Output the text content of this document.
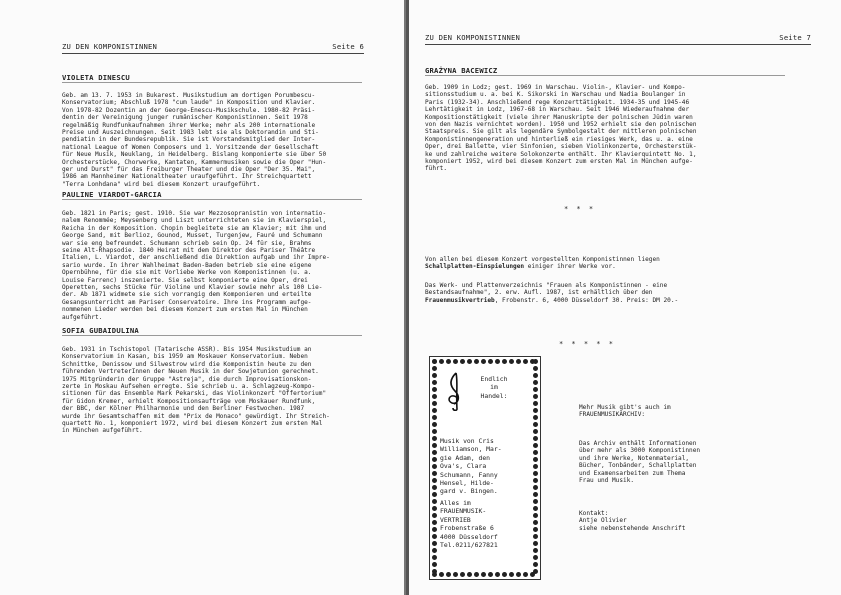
ZU DEN KOMPONISTINNEN	Seite 6
VIOLETA DINESCU

Geb. am 13. 7. 1953 in Bukarest. Musikstudium am dortigen Porumbescu-
Konservatorium; Abschluß 1978 "cum laude" in Komposition und Klavier.
Von 1978-82 Dozentin an der George-Enescu-Musikschule. 1980-82 Präsi-
dentin der Vereinigung junger rumänischer Komponistinnen. Seit 1978
regelmäßig Rundfunkaufnahmen ihrer Werke; mehr als 200 internationale
Preise und Auszeichnungen. Seit 1983 lebt sie als Doktorandin und Sti-
pendiatin in der Bundesrepublik. Sie ist Vorstandsmitglied der Inter-
national League of Women Composers und 1. Vorsitzende der Gesellschaft
für Neue Musik, Neuklang, in Heidelberg. Bislang komponierte sie über 50
Orchesterstücke, Chorwerke, Kantaten, Kammermusiken sowie die Oper "Hun-
ger und Durst" für das Freiburger Theater und die Oper "Der 35. Mai",
1986 am Mannheimer Nationaltheater uraufgeführt. Ihr Streichquartett
"Terra Lonhdana" wird bei diesem Konzert uraufgeführt.

PAULINE VIARDOT-GARCIA

Geb. 1821 in Paris; gest. 1910. Sie war Mezzosopranistin von internatio-
nalem Renommée; Meysenberg und Liszt unterrichteten sie im Klavierspiel,
Reicha in der Komposition. Chopin begleitete sie am Klavier; mit ihm und
George Sand, mit Berlioz, Gounod, Musset, Turgenjew, Fauré und Schumann
war sie eng befreundet. Schumann schrieb sein Op. 24 für sie, Brahms
seine Alt-Rhapsodie. 1840 Heirat mit dem Direktor des Pariser Théâtre
Italien, L. Viardot, der anschließend die Direktion aufgab und ihr Impre-
sario wurde. In ihrer Wahlheimat Baden-Baden betrieb sie eine eigene
Opernbühne, für die sie mit Vorliebe Werke von Komponistinnen (u. a.
Louise Farrenc) inszenierte. Sie selbst komponierte eine Oper, drei
Operetten, sechs Stücke für Violine und Klavier sowie mehr als 100 Lie-
der. Ab 1871 widmete sie sich vorrangig dem Komponieren und erteilte
Gesangsunterricht am Pariser Conservatoire. Ihre ins Programm aufge-
nommenen Lieder werden bei diesem Konzert zum ersten Mal in München
aufgeführt.

SOFIA GUBAIDULINA

Geb. 1931 in Tschistopol (Tatarische ASSR). Bis 1954 Musikstudium an
Konservatorium in Kasan, bis 1959 am Moskauer Konservatorium. Neben
Schnittke, Denissow und Silwestrow wird die Komponistin heute zu den
führenden VertreterInnen der Neuen Musik in der Sowjetunion gerechnet.
1975 Mitgründerin der Gruppe "Astreja", die durch Improvisationskon-
zerte in Moskau Aufsehen erregte. Sie schrieb u. a. Schlagzeug-Kompo-
sitionen für das Ensemble Mark Pekarski, das Violinkonzert "Offertorium"
für Gidon Kremer, erhielt Kompositionsaufträge vom Moskauer Rundfunk,
der BBC, der Kölner Philharmonie und den Berliner Festwochen. 1987
wurde ihr Gesamtschaffen mit dem "Prix de Monaco" gewürdigt. Ihr Streich-
quartett No. 1, komponiert 1972, wird bei diesem Konzert zum ersten Mal
in München aufgeführt.

ZU DEN KOMPONISTINNEN	Seite 7
GRAŻYNA BACEWICZ

Geb. 1909 in Lodz; gest. 1969 in Warschau. Violin-, Klavier- und Kompo-
sitionsstudium u. a. bei K. Sikorski in Warschau und Nadia Boulanger in
Paris (1932-34). Anschließend rege Konzerttätigkeit. 1934-35 und 1945-46
Lehrtätigkeit in Lodz, 1967-68 in Warschau. Seit 1946 Wiederaufnahme der
Kompositionstätigkeit (viele ihrer Manuskripte der polnischen Jüdin waren
von den Nazis vernichtet worden). 1950 und 1952 erhielt sie den polnischen
Staatspreis. Sie gilt als legendäre Symbolgestalt der mittleren polnischen
Komponistinnengeneration und hinterließ ein riesiges Werk, das u. a. eine
Oper, drei Ballette, vier Sinfonien, sieben Violinkonzerte, Orchesterstük-
ke und zahlreiche weitere Solokonzerte enthält. Ihr Klavierquintett No. 1,
komponiert 1952, wird bei diesem Konzert zum ersten Mal in München aufge-
führt.

* * *

Von allen bei diesem Konzert vorgestellten Komponistinnen liegen
Schallplatten-Einspielungen einiger ihrer Werke vor.

Das Werk- und Plattenverzeichnis "Frauen als Komponistinnen - eine
Bestandsaufnahme", 2. erw. Aufl. 1987, ist erhältlich über den
Frauenmusikvertrieb, Frobenstr. 6, 4000 Düsseldorf 30. Preis: DM 20.-

* * * * *

Endlich
im
Handel:

Musik von Cris
Williamson, Mar-
gie Adam, den
Ova's, Clara
Schumann, Fanny
Hensel, Hilde-
gard v. Bingen.

Alles im
FRAUENMUSIK-
VERTRIEB
Frobenstraße 6
4000 Düsseldorf
Tel.0211/627821

Mehr Musik gibt's auch im
FRAUENMUSIKARCHIV:

Das Archiv enthält Informationen
über mehr als 3000 Komponistinnen
und ihre Werke, Notenmaterial,
Bücher, Tonbänder, Schallplatten
und Examensarbeiten zum Thema
Frau und Musik.

Kontakt:
Antje Olivier
siehe nebenstehende Anschrift
